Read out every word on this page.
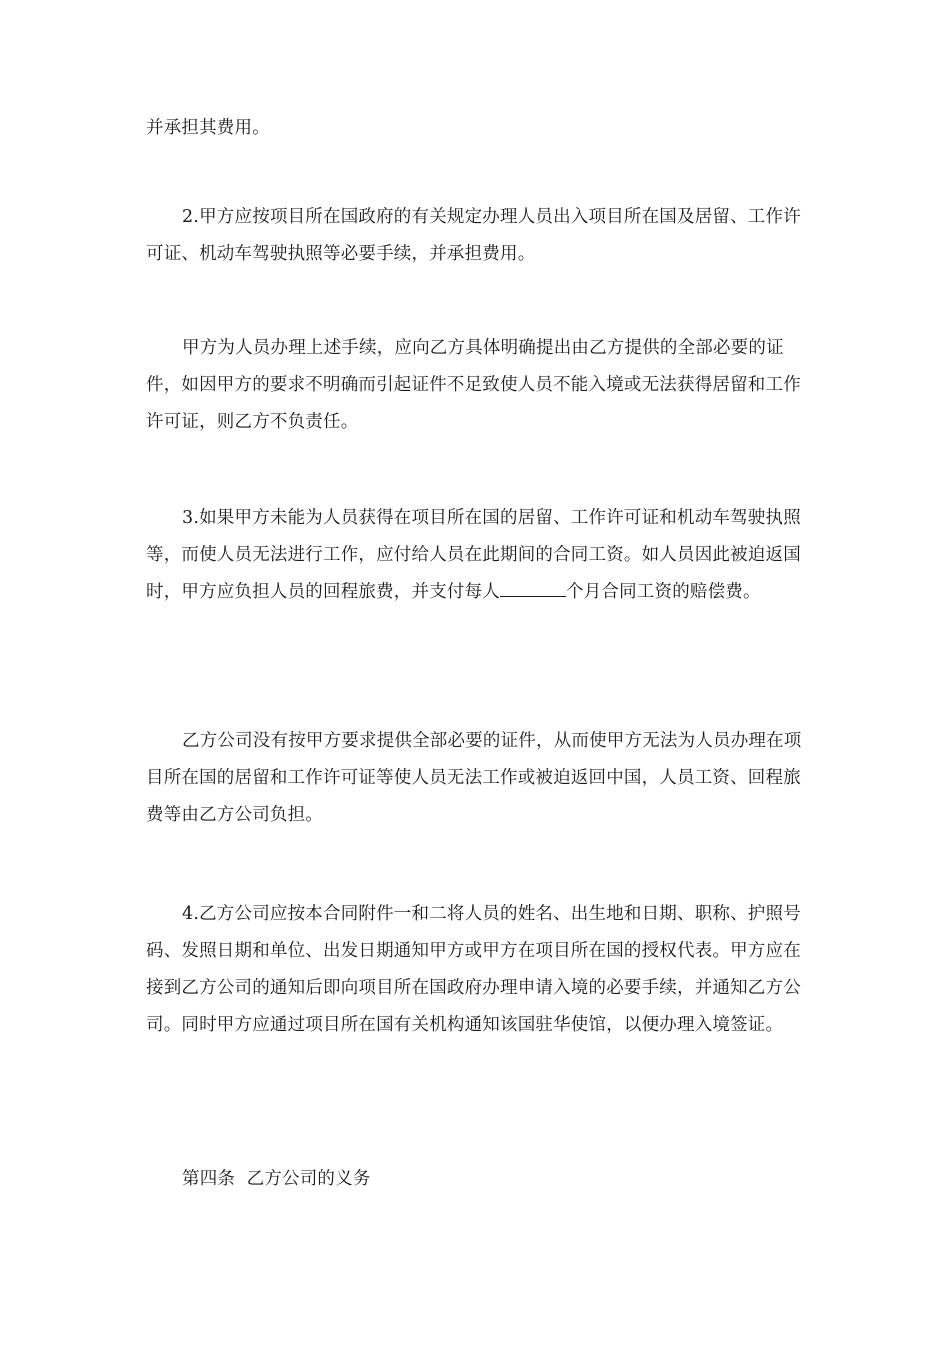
并承担其费用。

2.甲方应按项目所在国政府的有关规定办理人员出入项目所在国及居留、工作许可证、机动车驾驶执照等必要手续，并承担费用。

甲方为人员办理上述手续，应向乙方具体明确提出由乙方提供的全部必要的证件，如因甲方的要求不明确而引起证件不足致使人员不能入境或无法获得居留和工作许可证，则乙方不负责任。

3.如果甲方未能为人员获得在项目所在国的居留、工作许可证和机动车驾驶执照等，而使人员无法进行工作，应付给人员在此期间的合同工资。如人员因此被迫返国时，甲方应负担人员的回程旅费，并支付每人	个月合同工资的赔偿费。

乙方公司没有按甲方要求提供全部必要的证件，从而使甲方无法为人员办理在项目所在国的居留和工作许可证等使人员无法工作或被迫返回中国，人员工资、回程旅费等由乙方公司负担。

4.乙方公司应按本合同附件一和二将人员的姓名、出生地和日期、职称、护照号码、发照日期和单位、出发日期通知甲方或甲方在项目所在国的授权代表。甲方应在接到乙方公司的通知后即向项目所在国政府办理申请入境的必要手续，并通知乙方公司。同时甲方应通过项目所在国有关机构通知该国驻华使馆，以便办理入境签证。

第四条  乙方公司的义务
